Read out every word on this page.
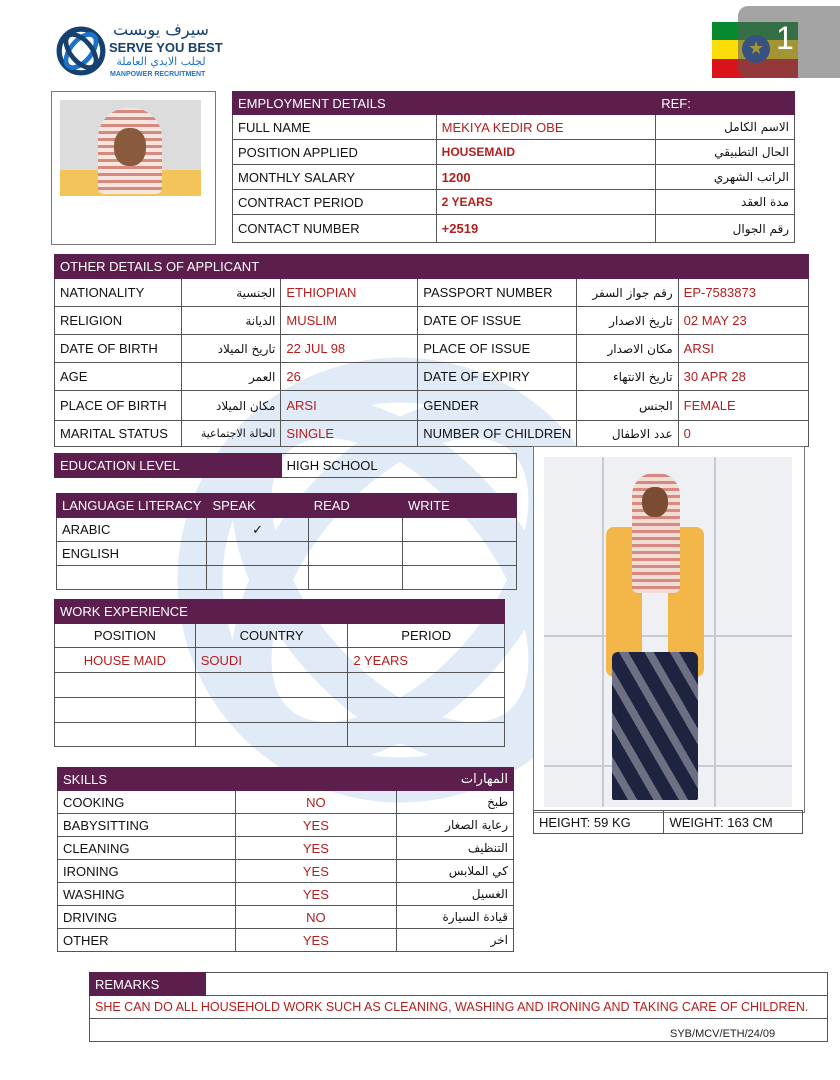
سيرف يوبست
SERVE YOU BEST
لجلب الايدي العاملة
MANPOWER RECRUITMENT
1
EMPLOYMENT DETAILS		REF:
FULL NAME	MEKIYA KEDIR OBE	الاسم الكامل
POSITION APPLIED	HOUSEMAID	الحال التطبيقي
MONTHLY SALARY	1200	الراتب الشهري
CONTRACT PERIOD	2 YEARS	مدة العقد
CONTACT NUMBER	+2519	رقم الجوال
OTHER DETAILS OF APPLICANT					
NATIONALITY	الجنسية	ETHIOPIAN	PASSPORT NUMBER	رقم جواز السفر	EP-7583873
RELIGION	الديانة	MUSLIM	DATE OF ISSUE	تاريخ الاصدار	02 MAY 23
DATE OF BIRTH	تاريخ الميلاد	22 JUL 98	PLACE OF ISSUE	مكان الاصدار	ARSI
AGE	العمر	26	DATE OF EXPIRY	تاريخ الانتهاء	30 APR 28
PLACE OF BIRTH	مكان الميلاد	ARSI	GENDER	الجنس	FEMALE
MARITAL STATUS	الحالة الاجتماعية	SINGLE	NUMBER OF CHILDREN	عدد الاطفال	0
EDUCATION LEVEL	HIGH SCHOOL
LANGUAGE LITERACY	SPEAK	READ	WRITE
ARABIC	✓		
ENGLISH			

WORK EXPERIENCE		
POSITION	COUNTRY	PERIOD
HOUSE MAID	SOUDI	2 YEARS

SKILLS		المهارات
COOKING	NO	طبخ
BABYSITTING	YES	رعاية الصغار
CLEANING	YES	التنظيف
IRONING	YES	كي الملابس
WASHING	YES	الغسيل
DRIVING	NO	قيادة السيارة
OTHER	YES	اخر
HEIGHT: 59 KG	WEIGHT: 163 CM
REMARKS	
SHE CAN DO ALL HOUSEHOLD WORK SUCH AS CLEANING, WASHING AND IRONING AND TAKING CARE OF CHILDREN.

SYB/MCV/ETH/24/09
